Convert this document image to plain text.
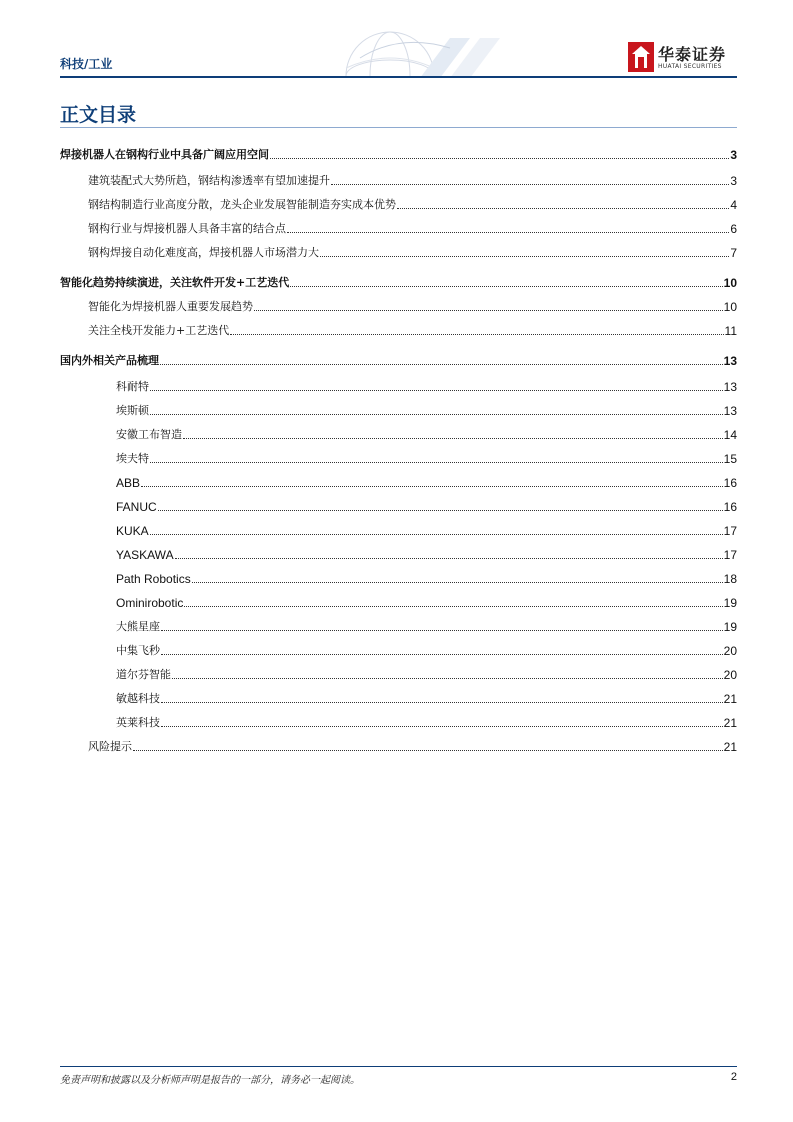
科技/工业	华泰证券
HUATAI SECURITIES
正文目录
焊接机器人在钢构行业中具备广阔应用空间	3
建筑装配式大势所趋，钢结构渗透率有望加速提升	3
钢结构制造行业高度分散，龙头企业发展智能制造夯实成本优势	4
钢构行业与焊接机器人具备丰富的结合点	6
钢构焊接自动化难度高，焊接机器人市场潜力大	7
智能化趋势持续演进，关注软件开发+工艺迭代	10
智能化为焊接机器人重要发展趋势	10
关注全栈开发能力+工艺迭代	11
国内外相关产品梳理	13
科耐特	13
埃斯顿	13
安徽工布智造	14
埃夫特	15
ABB	16
FANUC	16
KUKA	17
YASKAWA	17
Path Robotics	18
Ominirobotic	19
大熊星座	19
中集飞秒	20
道尔芬智能	20
敏越科技	21
英莱科技	21
风险提示	21
免责声明和披露以及分析师声明是报告的一部分，请务必一起阅读。	2
